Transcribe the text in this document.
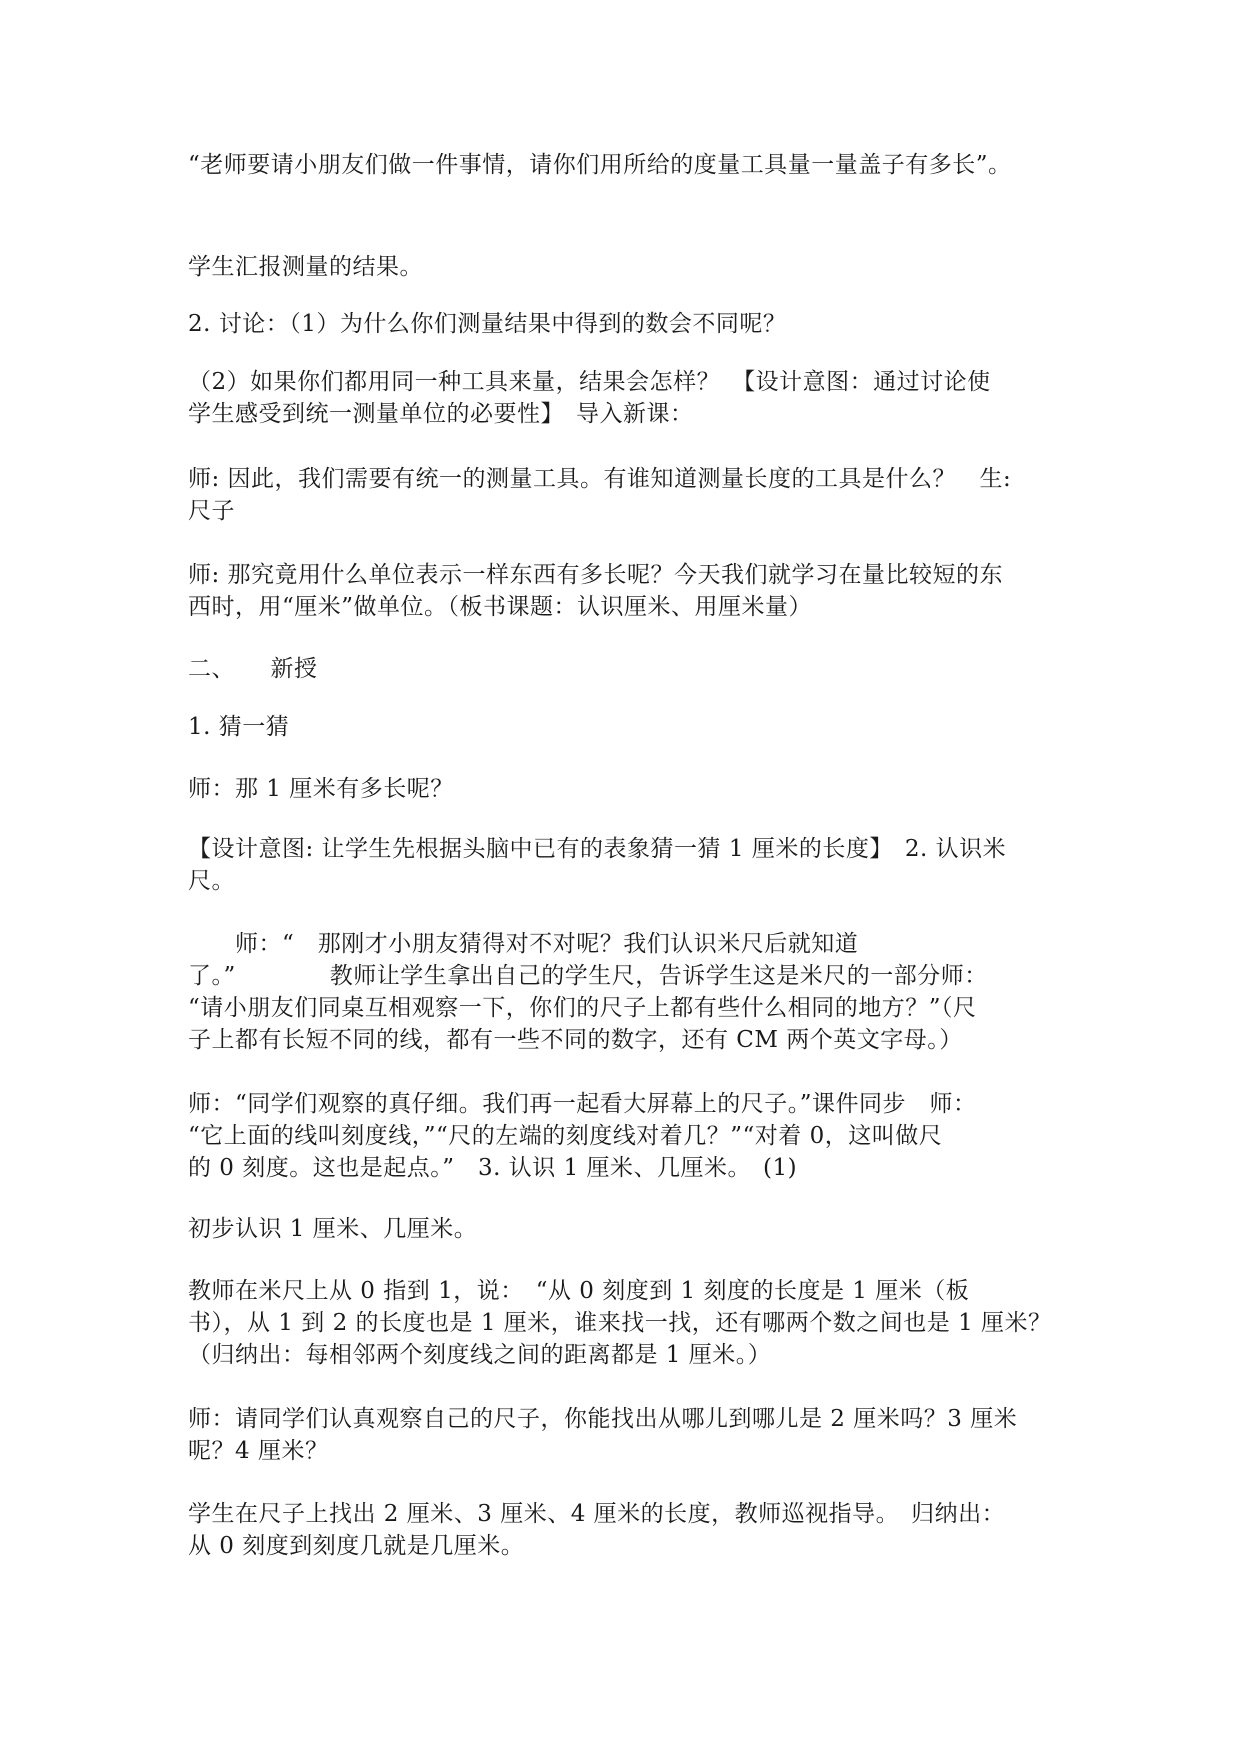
“老师要请小朋友们做一件事情，请你们用所给的度量工具量一量盖子有多长”。
学生汇报测量的结果。
2. 讨论：（1）为什么你们测量结果中得到的数会不同呢？
（2）如果你们都用同一种工具来量，结果会怎样？　【设计意图：通过讨论使
学生感受到统一测量单位的必要性】　导入新课：
师: 因此，我们需要有统一的测量工具。有谁知道测量长度的工具是什么？　生:
尺子
师: 那究竟用什么单位表示一样东西有多长呢？今天我们就学习在量比较短的东
西时，用“厘米”做单位。（板书课题：认识厘米、用厘米量）
二、　　新授
1. 猜一猜
师：那 1 厘米有多长呢？
【设计意图: 让学生先根据头脑中已有的表象猜一猜 1 厘米的长度】　2. 认识米
尺。
　　师：“　那刚才小朋友猜得对不对呢？我们认识米尺后就知道
了。”　　　　教师让学生拿出自己的学生尺，告诉学生这是米尺的一部分师：
“请小朋友们同桌互相观察一下，你们的尺子上都有些什么相同的地方？”（尺
子上都有长短不同的线，都有一些不同的数字，还有 CM 两个英文字母。）
师：“同学们观察的真仔细。我们再一起看大屏幕上的尺子。”课件同步　师：
“它上面的线叫刻度线，”“尺的左端的刻度线对着几？”“对着 0，这叫做尺
的 0 刻度。这也是起点。”　3. 认识 1 厘米、几厘米。　(1)
初步认识 1 厘米、几厘米。
教师在米尺上从 0 指到 1，说：　“从 0 刻度到 1 刻度的长度是 1 厘米（板
书），从 1 到 2 的长度也是 1 厘米，谁来找一找，还有哪两个数之间也是 1 厘米？
（归纳出：每相邻两个刻度线之间的距离都是 1 厘米。）
师：请同学们认真观察自己的尺子，你能找出从哪儿到哪儿是 2 厘米吗？3 厘米
呢？4 厘米？
学生在尺子上找出 2 厘米、3 厘米、4 厘米的长度，教师巡视指导。　归纳出：
从 0 刻度到刻度几就是几厘米。
